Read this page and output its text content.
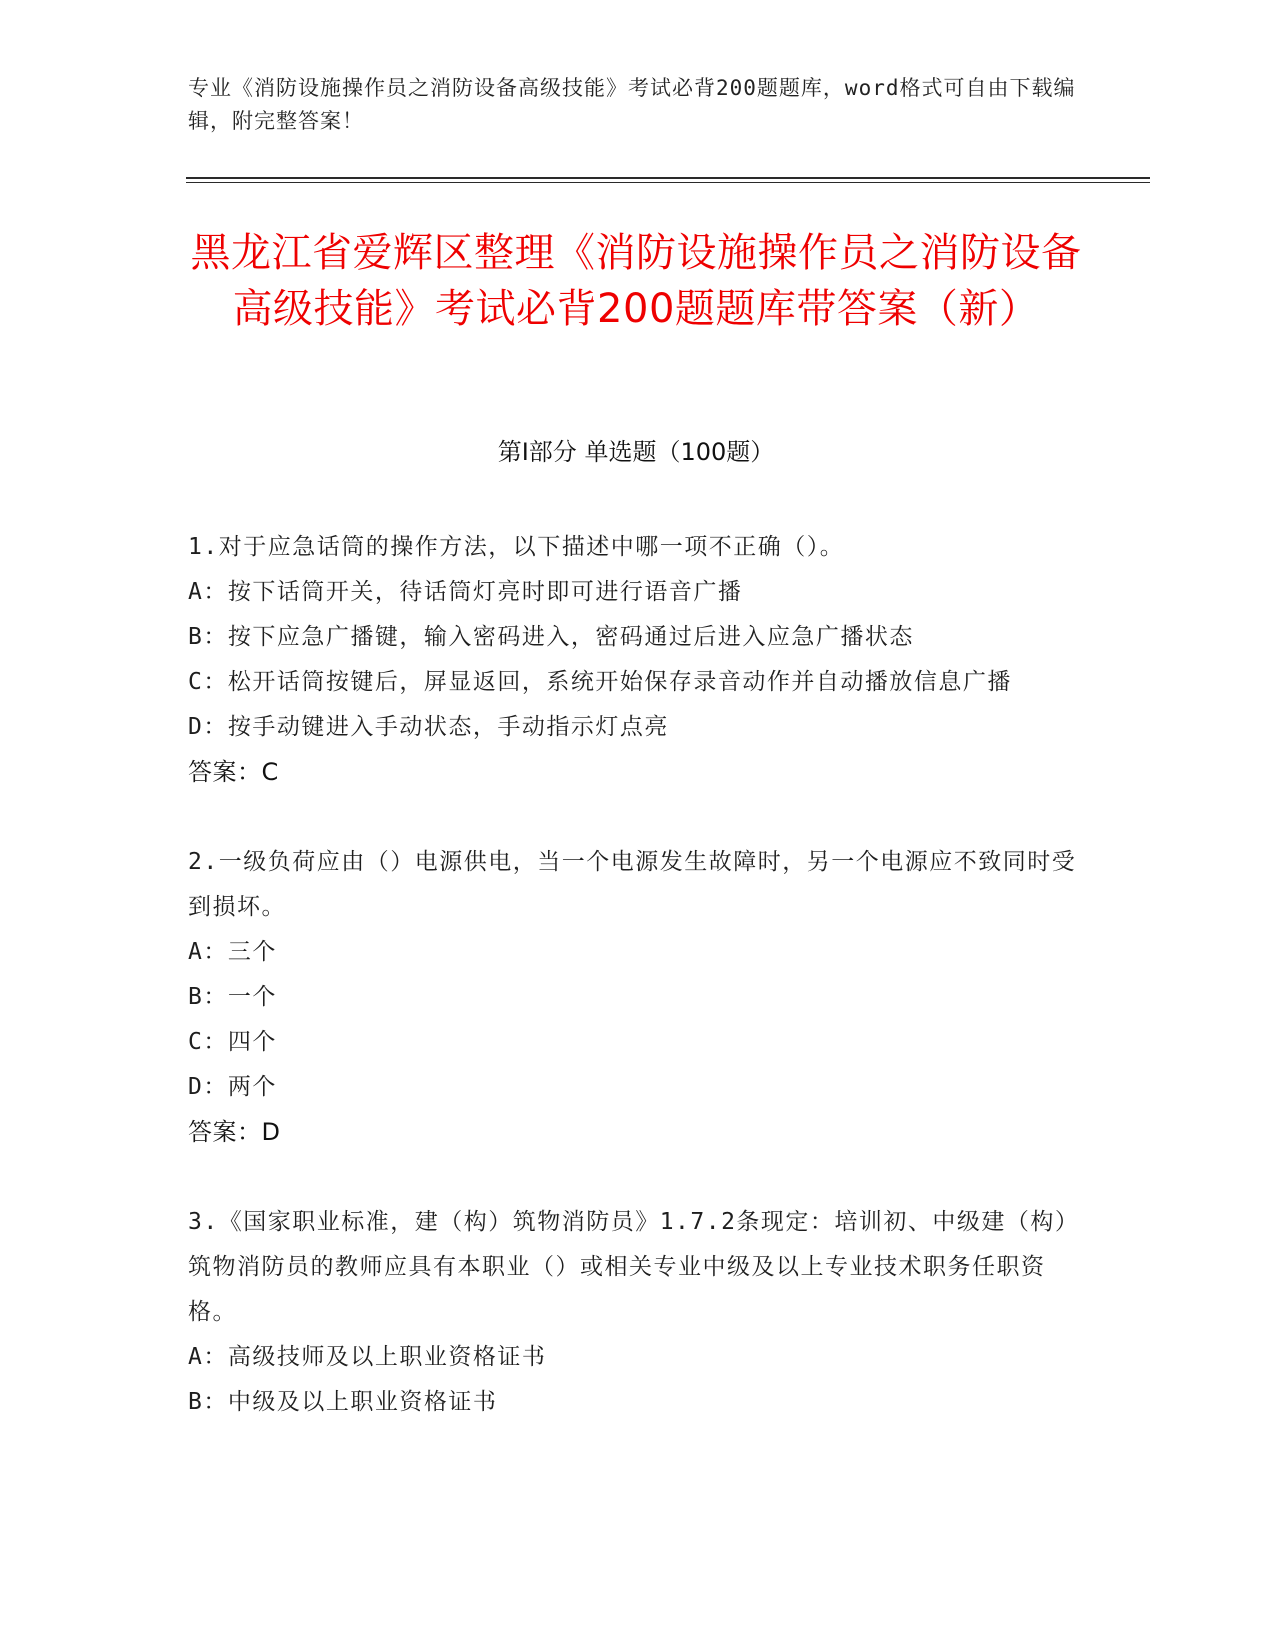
专业《消防设施操作员之消防设备高级技能》考试必背200题题库，word格式可自由下载编辑，附完整答案！
黑龙江省爱辉区整理《消防设施操作员之消防设备高级技能》考试必背200题题库带答案（新）
第Ⅰ部分 单选题（100题）

1.对于应急话筒的操作方法，以下描述中哪一项不正确（）。

A：按下话筒开关，待话筒灯亮时即可进行语音广播

B：按下应急广播键，输入密码进入，密码通过后进入应急广播状态

C：松开话筒按键后，屏显返回，系统开始保存录音动作并自动播放信息广播

D：按手动键进入手动状态，手动指示灯点亮

答案：C

2.一级负荷应由（）电源供电，当一个电源发生故障时，另一个电源应不致同时受到损坏。

A：三个

B：一个

C：四个

D：两个

答案：D

3.《国家职业标准，建（构）筑物消防员》1.7.2条现定：培训初、中级建（构）筑物消防员的教师应具有本职业（）或相关专业中级及以上专业技术职务任职资格。

A：高级技师及以上职业资格证书

B：中级及以上职业资格证书
